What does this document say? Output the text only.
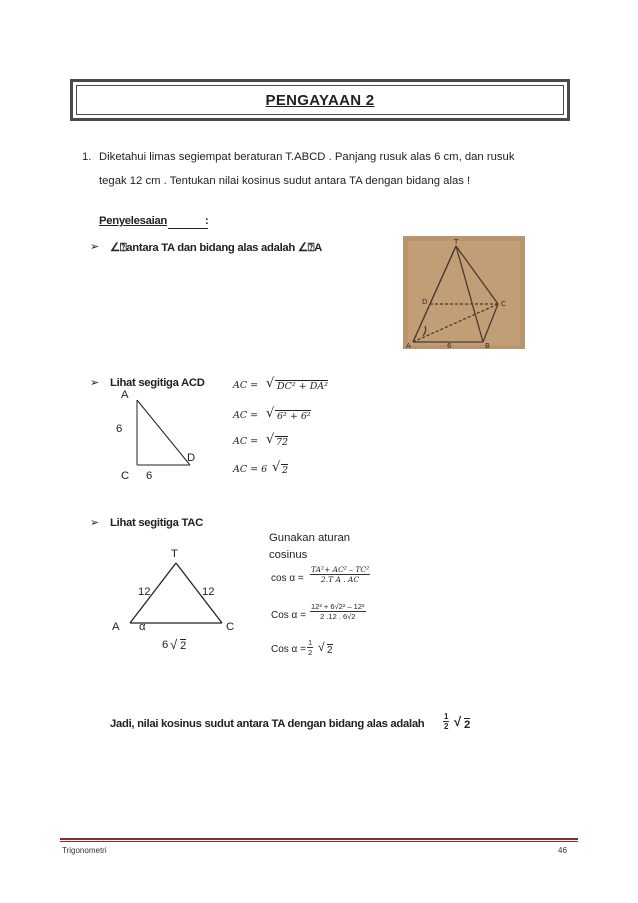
PENGAYAAN 2
1. Diketahui limas segiempat beraturan T.ABCD . Panjang rusuk alas 6 cm, dan rusuk
tegak 12 cm . Tentukan nilai kosinus sudut antara TA dengan bidang alas !
Penyelesaian	:
➢ ∠⍰antara TA dan bidang alas adalah ∠⍰A	T
D	C
A	B
6
➢ Lihat segitiga ACD
A
6
D
C 6
AC = √ DC² + DA²
AC = √ 6² + 6²
AC = √ 72
AC = 6 √ 2
➢ Lihat segitiga TAC
T
12	12
A α	C
6 √ 2
Gunakan aturan
cosinus
$\cos \alpha = \frac{\text{TA²+ AC² – TC²}}{\text{2.T A . AC}}$
Cos $\alpha = \frac{\text{12² + 6√2² – 12²}}{2 .12 . 6√2}$
Cos $\alpha = \frac{1}{2}$ √ 2
Jadi, nilai kosinus sudut antara TA dengan bidang alas adalah $\frac{1}{2}$ √ 2
Trigonometri	46
